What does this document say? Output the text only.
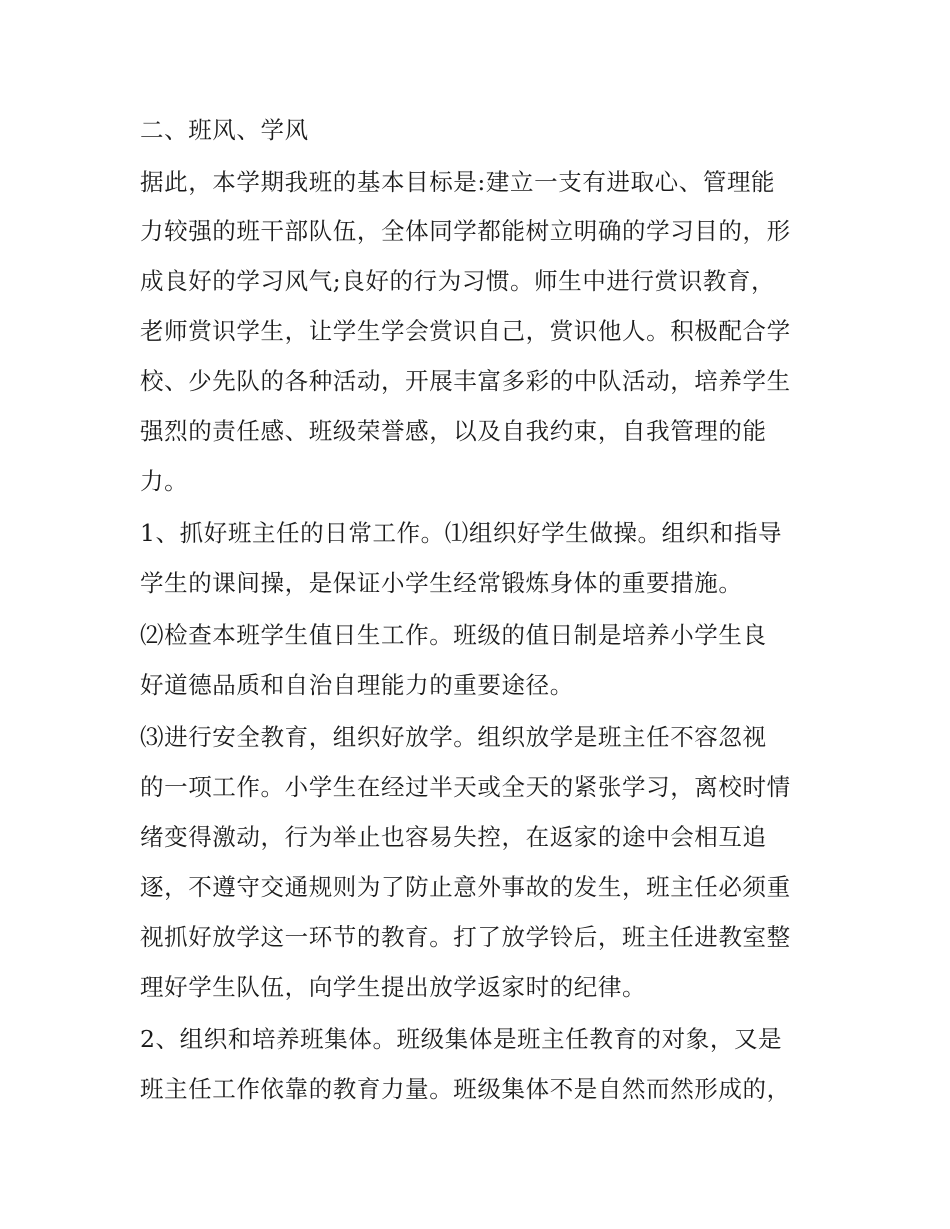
二、班风、学风

据此，本学期我班的基本目标是:建立一支有进取心、管理能

力较强的班干部队伍，全体同学都能树立明确的学习目的，形

成良好的学习风气;良好的行为习惯。师生中进行赏识教育，

老师赏识学生，让学生学会赏识自己，赏识他人。积极配合学

校、少先队的各种活动，开展丰富多彩的中队活动，培养学生

强烈的责任感、班级荣誉感，以及自我约束，自我管理的能

力。

1、抓好班主任的日常工作。⑴组织好学生做操。组织和指导

学生的课间操，是保证小学生经常锻炼身体的重要措施。

⑵检查本班学生值日生工作。班级的值日制是培养小学生良

好道德品质和自治自理能力的重要途径。

⑶进行安全教育，组织好放学。组织放学是班主任不容忽视

的一项工作。小学生在经过半天或全天的紧张学习，离校时情

绪变得激动，行为举止也容易失控，在返家的途中会相互追

逐，不遵守交通规则为了防止意外事故的发生，班主任必须重

视抓好放学这一环节的教育。打了放学铃后，班主任进教室整

理好学生队伍，向学生提出放学返家时的纪律。

2、组织和培养班集体。班级集体是班主任教育的对象，又是

班主任工作依靠的教育力量。班级集体不是自然而然形成的，
